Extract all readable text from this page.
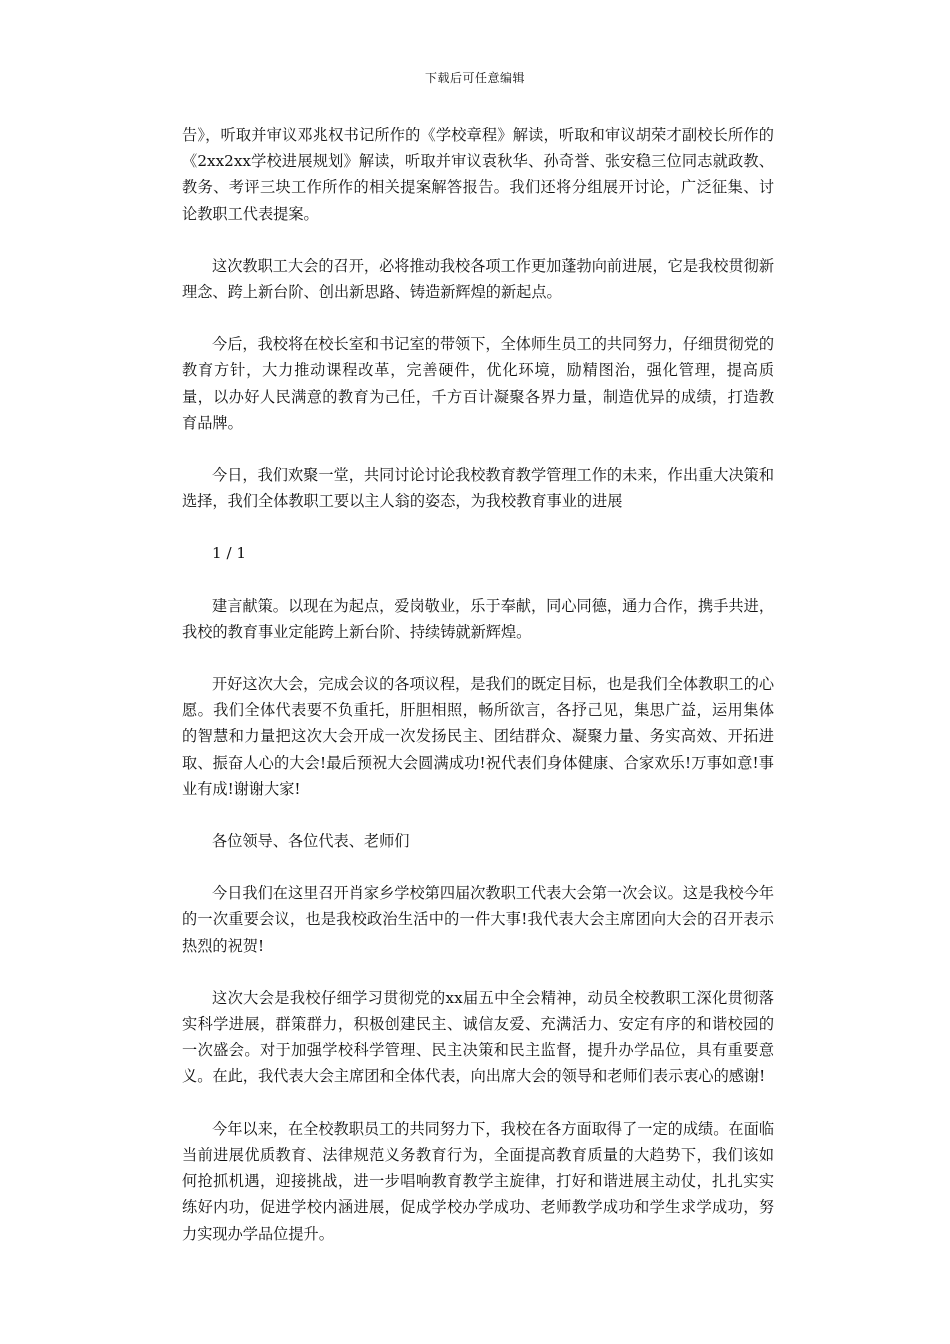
下载后可任意编辑

告》，听取并审议邓兆权书记所作的《学校章程》解读，听取和审议胡荣才副校长所作的《2xx2xx学校进展规划》解读，听取并审议袁秋华、孙奇誉、张安稳三位同志就政教、教务、考评三块工作所作的相关提案解答报告。我们还将分组展开讨论，广泛征集、讨论教职工代表提案。

这次教职工大会的召开，必将推动我校各项工作更加蓬勃向前进展，它是我校贯彻新理念、跨上新台阶、创出新思路、铸造新辉煌的新起点。

今后，我校将在校长室和书记室的带领下，全体师生员工的共同努力，仔细贯彻党的教育方针，大力推动课程改革，完善硬件，优化环境，励精图治，强化管理，提高质量，以办好人民满意的教育为己任，千方百计凝聚各界力量，制造优异的成绩，打造教育品牌。

今日，我们欢聚一堂，共同讨论讨论我校教育教学管理工作的未来，作出重大决策和选择，我们全体教职工要以主人翁的姿态，为我校教育事业的进展

1 / 1

建言献策。以现在为起点，爱岗敬业，乐于奉献，同心同德，通力合作，携手共进，我校的教育事业定能跨上新台阶、持续铸就新辉煌。

开好这次大会，完成会议的各项议程，是我们的既定目标，也是我们全体教职工的心愿。我们全体代表要不负重托，肝胆相照，畅所欲言，各抒己见，集思广益，运用集体的智慧和力量把这次大会开成一次发扬民主、团结群众、凝聚力量、务实高效、开拓进取、振奋人心的大会!最后预祝大会圆满成功!祝代表们身体健康、合家欢乐!万事如意!事业有成!谢谢大家!

各位领导、各位代表、老师们

今日我们在这里召开肖家乡学校第四届次教职工代表大会第一次会议。这是我校今年的一次重要会议，也是我校政治生活中的一件大事!我代表大会主席团向大会的召开表示热烈的祝贺!

这次大会是我校仔细学习贯彻党的xx届五中全会精神，动员全校教职工深化贯彻落实科学进展，群策群力，积极创建民主、诚信友爱、充满活力、安定有序的和谐校园的一次盛会。对于加强学校科学管理、民主决策和民主监督，提升办学品位，具有重要意义。在此，我代表大会主席团和全体代表，向出席大会的领导和老师们表示衷心的感谢!

今年以来，在全校教职员工的共同努力下，我校在各方面取得了一定的成绩。在面临当前进展优质教育、法律规范义务教育行为，全面提高教育质量的大趋势下，我们该如何抢抓机遇，迎接挑战，进一步唱响教育教学主旋律，打好和谐进展主动仗，扎扎实实练好内功，促进学校内涵进展，促成学校办学成功、老师教学成功和学生求学成功，努力实现办学品位提升。
